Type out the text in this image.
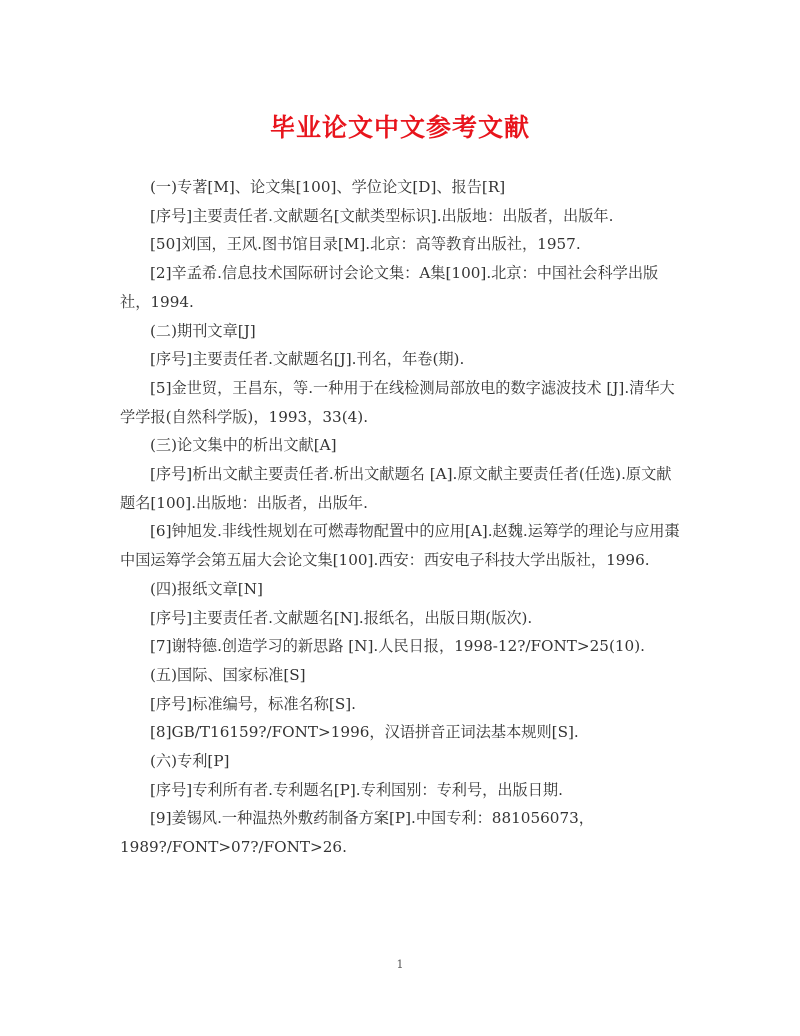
毕业论文中文参考文献

(一)专著[M]、论文集[100]、学位论文[D]、报告[R]

[序号]主要责任者.文献题名[文献类型标识].出版地：出版者，出版年.

[50]刘国，王风.图书馆目录[M].北京：高等教育出版社，1957.

[2]辛孟希.信息技术国际研讨会论文集：A集[100].北京：中国社会科学出版社，1994.

(二)期刊文章[J]

[序号]主要责任者.文献题名[J].刊名，年卷(期).

[5]金世贸，王昌东，等.一种用于在线检测局部放电的数字滤波技术 [J].清华大学学报(自然科学版)，1993，33(4).

(三)论文集中的析出文献[A]

[序号]析出文献主要责任者.析出文献题名 [A].原文献主要责任者(任选).原文献题名[100].出版地：出版者，出版年.

[6]钟旭发.非线性规划在可燃毒物配置中的应用[A].赵魏.运筹学的理论与应用棗中国运筹学会第五届大会论文集[100].西安：西安电子科技大学出版社，1996.

(四)报纸文章[N]

[序号]主要责任者.文献题名[N].报纸名，出版日期(版次).

[7]谢特德.创造学习的新思路 [N].人民日报，1998-12?/FONT>25(10).

(五)国际、国家标准[S]

[序号]标准编号，标准名称[S].

[8]GB/T16159?/FONT>1996，汉语拼音正词法基本规则[S].

(六)专利[P]

[序号]专利所有者.专利题名[P].专利国别：专利号，出版日期.

[9]姜锡风.一种温热外敷药制备方案[P].中国专利：881056073，1989?/FONT>07?/FONT>26.

1
